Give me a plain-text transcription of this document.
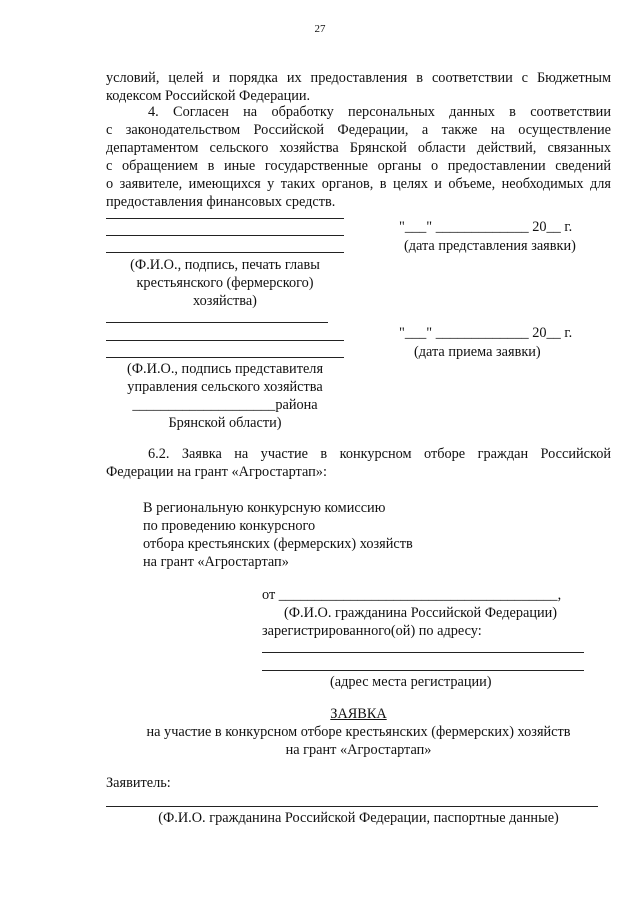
27
условий, целей и порядка их предоставления в соответствии с Бюджетным
кодексом Российской Федерации.
4. Согласен на обработку персональных данных в соответствии
с законодательством Российской Федерации, а также на осуществление
департаментом сельского хозяйства Брянской области действий, связанных
с обращением в иные государственные органы о предоставлении сведений
о заявителе, имеющихся у таких органов, в целях и объеме, необходимых для
предоставления финансовых средств.
"___" _____________ 20__ г.
(дата представления заявки)
(Ф.И.О., подпись, печать главы
крестьянского (фермерского)
хозяйства)
"___" _____________ 20__ г.
(дата приема заявки)
(Ф.И.О., подпись представителя
управления сельского хозяйства
____________________района
Брянской области)
6.2. Заявка на участие в конкурсном отборе граждан Российской
Федерации на грант «Агростартап»:
В региональную конкурсную комиссию
по проведению конкурсного
отбора крестьянских (фермерских) хозяйств
на грант «Агростартап»
от _______________________________________,
(Ф.И.О. гражданина Российской Федерации)
зарегистрированного(ой) по адресу:
(адрес места регистрации)
ЗАЯВКА
на участие в конкурсном отборе крестьянских (фермерских) хозяйств
на грант «Агростартап»
Заявитель:
(Ф.И.О. гражданина Российской Федерации, паспортные данные)
